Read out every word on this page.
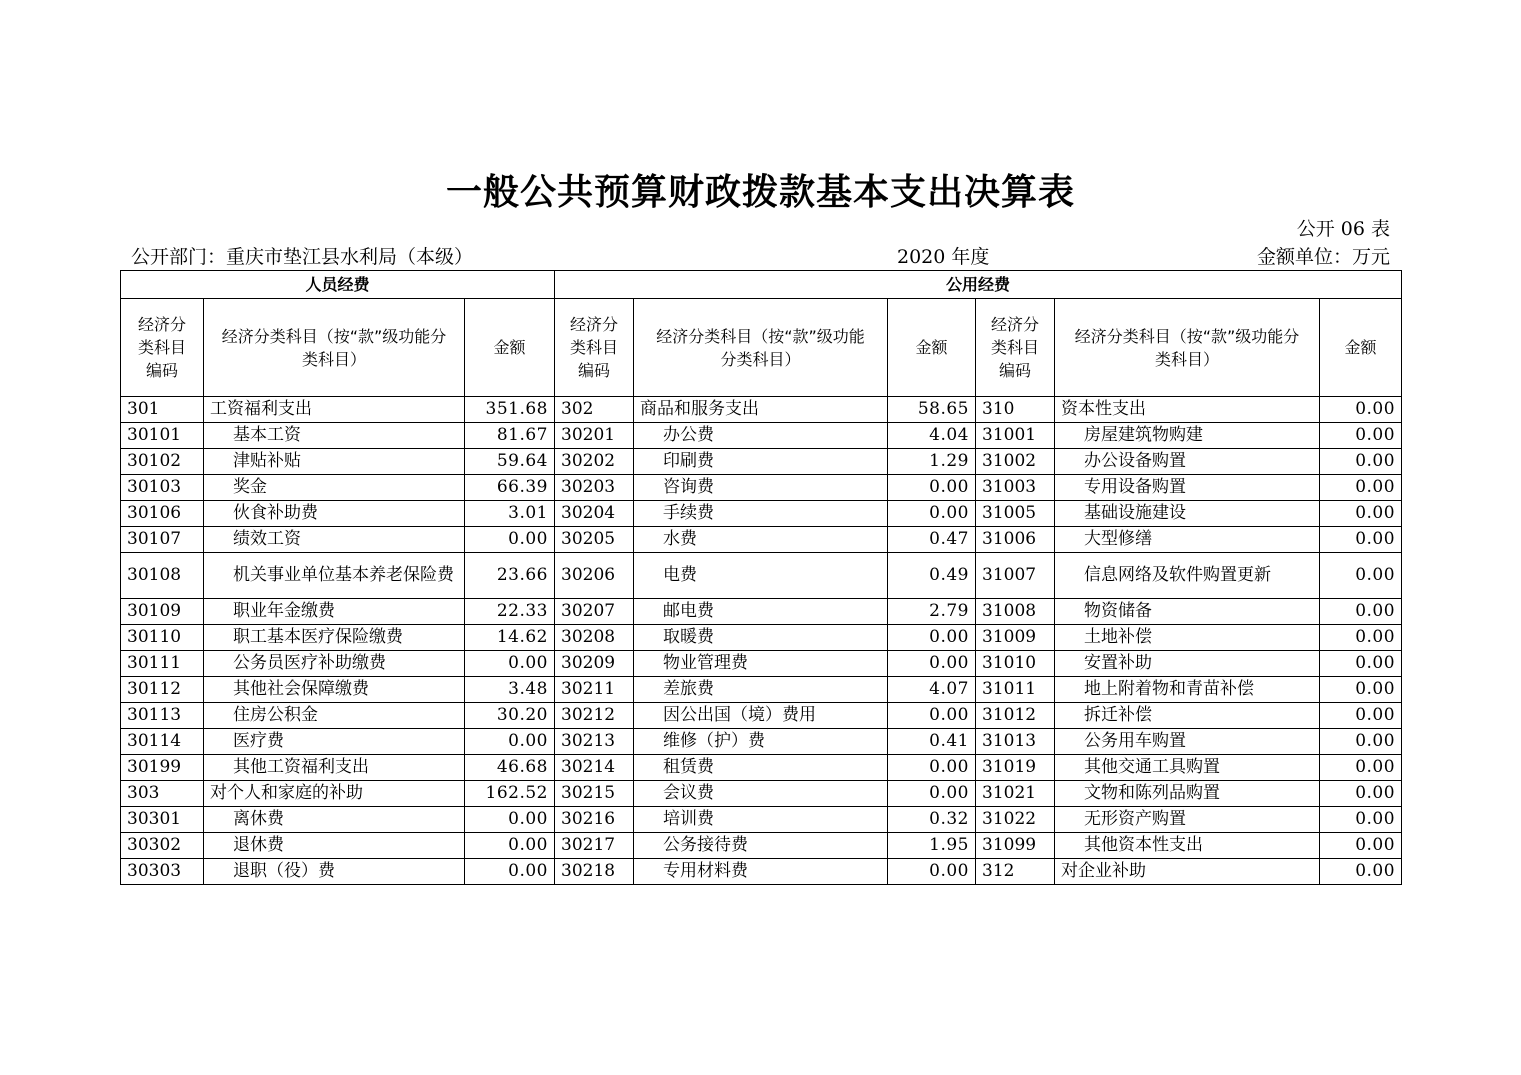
一般公共预算财政拨款基本支出决算表
公开 06 表
公开部门：重庆市垫江县水利局（本级）	2020 年度	金额单位：万元
人员经费			公用经费					
经济分类科目编码	经济分类科目（按“款”级功能分类科目）	金额	经济分类科目编码	经济分类科目（按“款”级功能分类科目）	金额	经济分类科目编码	经济分类科目（按“款”级功能分类科目）	金额
301	工资福利支出	351.68	302	商品和服务支出	58.65	310	资本性支出	0.00
30101	基本工资	81.67	30201	办公费	4.04	31001	房屋建筑物购建	0.00
30102	津贴补贴	59.64	30202	印刷费	1.29	31002	办公设备购置	0.00
30103	奖金	66.39	30203	咨询费	0.00	31003	专用设备购置	0.00
30106	伙食补助费	3.01	30204	手续费	0.00	31005	基础设施建设	0.00
30107	绩效工资	0.00	30205	水费	0.47	31006	大型修缮	0.00
30108	机关事业单位基本养老保险费	23.66	30206	电费	0.49	31007	信息网络及软件购置更新	0.00
30109	职业年金缴费	22.33	30207	邮电费	2.79	31008	物资储备	0.00
30110	职工基本医疗保险缴费	14.62	30208	取暖费	0.00	31009	土地补偿	0.00
30111	公务员医疗补助缴费	0.00	30209	物业管理费	0.00	31010	安置补助	0.00
30112	其他社会保障缴费	3.48	30211	差旅费	4.07	31011	地上附着物和青苗补偿	0.00
30113	住房公积金	30.20	30212	因公出国（境）费用	0.00	31012	拆迁补偿	0.00
30114	医疗费	0.00	30213	维修（护）费	0.41	31013	公务用车购置	0.00
30199	其他工资福利支出	46.68	30214	租赁费	0.00	31019	其他交通工具购置	0.00
303	对个人和家庭的补助	162.52	30215	会议费	0.00	31021	文物和陈列品购置	0.00
30301	离休费	0.00	30216	培训费	0.32	31022	无形资产购置	0.00
30302	退休费	0.00	30217	公务接待费	1.95	31099	其他资本性支出	0.00
30303	退职（役）费	0.00	30218	专用材料费	0.00	312	对企业补助	0.00
